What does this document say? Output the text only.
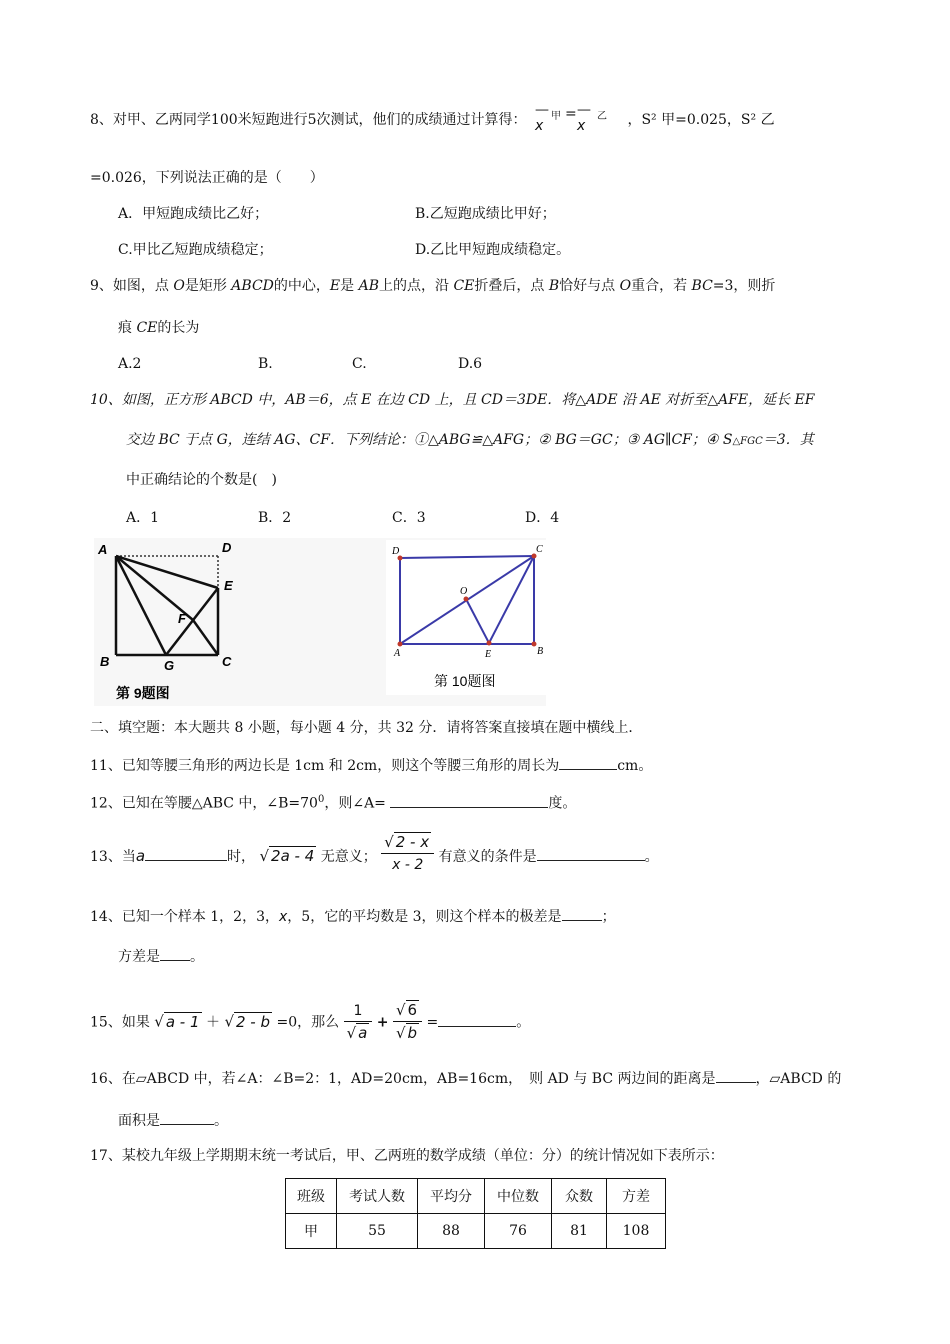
8、对甲、乙两同学100米短跑进行5次测试，他们的成绩通过计算得：
—
x
甲 = —
x
乙 ，S² 甲=0.025，S² 乙
=0.026，下列说法正确的是（　　）
A．甲短跑成绩比乙好；	B.乙短跑成绩比甲好；
C.甲比乙短跑成绩稳定；	D.乙比甲短跑成绩稳定。
9、如图，点 O是矩形 ABCD的中心，E是 AB上的点，沿 CE折叠后，点 B恰好与点 O重合，若 BC=3，则折
痕 CE的长为
A.2	B.	C.	D.6
10、如图，正方形 ABCD 中，AB＝6，点 E 在边 CD 上，且 CD＝3DE．将△ADE 沿 AE 对折至△AFE，延长 EF
交边 BC 于点 G，连结 AG、CF．下列结论：①△ABG≌△AFG；② BG＝GC；③ AG∥CF；④ S△FGC＝3．其
中正确结论的个数是(　)
A．1	B．2	C．3	D．4
A	D
E
F
B	G	C
第 9题图
D	C
O
A	E	B
第 10题图
二、填空题：本大题共 8 小题，每小题 4 分，共 32 分．请将答案直接填在题中横线上．
11、已知等腰三角形的两边长是 1cm 和 2cm，则这个等腰三角形的周长为	cm。
12、已知在等腰△ABC 中，$\angle B=70^0$，则∠A=	度。
13、当a	时， √ 2a - 4 无意义； $\frac{√ 2 - x}{x - 2}$ 有意义的条件是	。
14、已知一个样本 1，2，3，x，5，它的平均数是 3，则这个样本的极差是	；
方差是 。
15、如果 √ a - 1 ＋ √ 2 - b =0，那么 $\frac{1}{√ a} + \frac{√ 6}{√ b}$ =	。
16、在▱ABCD 中，若∠A：∠B=2：1，AD=20cm，AB=16cm，　则 AD 与 BC 两边间的距离是	，▱ABCD 的
面积是	。
17、某校九年级上学期期末统一考试后，甲、乙两班的数学成绩（单位：分）的统计情况如下表所示：
班级	考试人数	平均分	中位数	众数	方差
甲	55	88	76	81	108
